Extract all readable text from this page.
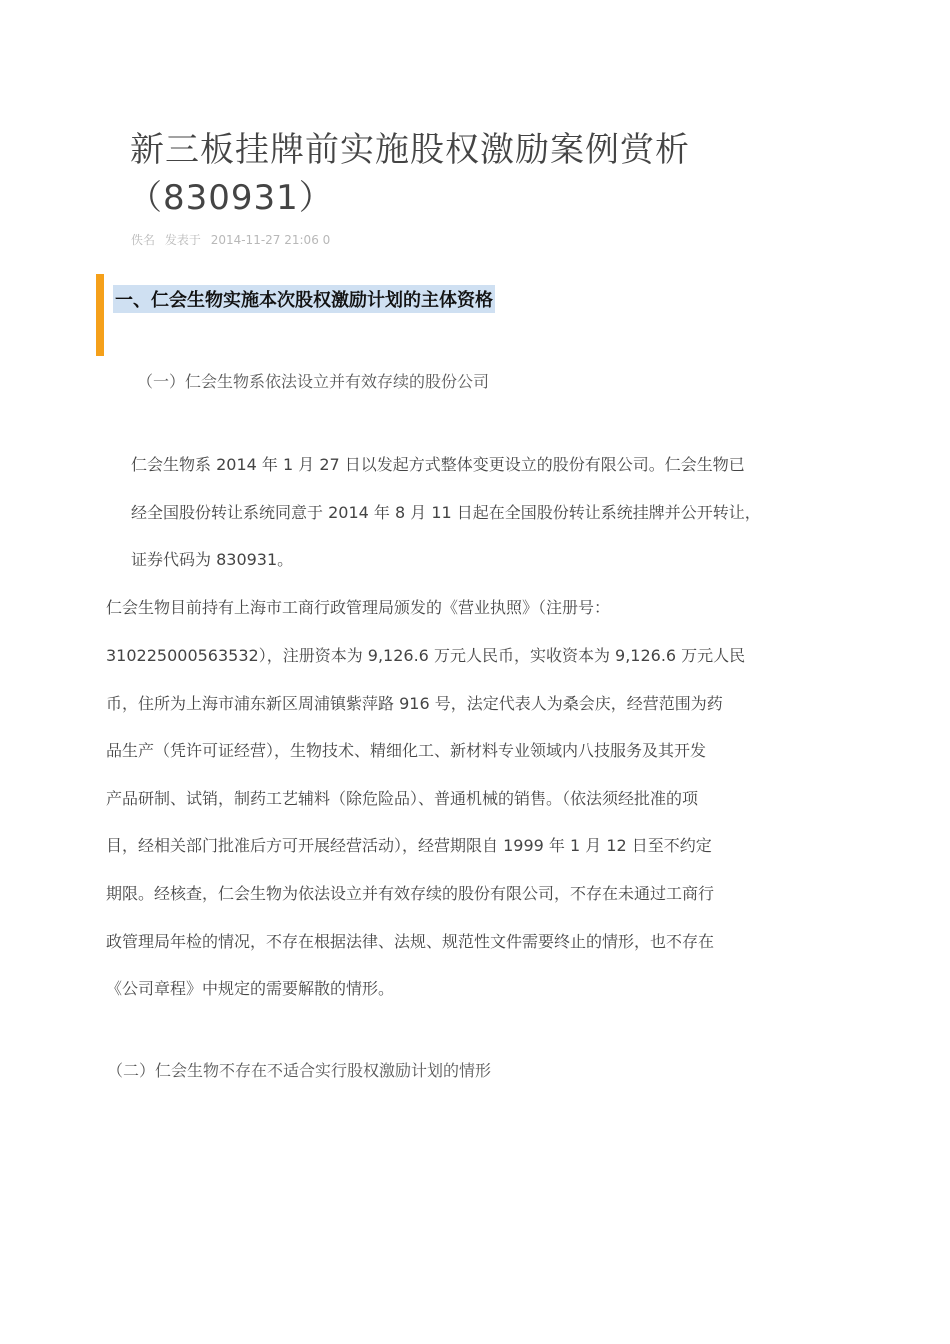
新三板挂牌前实施股权激励案例赏析
（830931）
佚名 发表于 2014-11-27 21:06 0
一、仁会生物实施本次股权激励计划的主体资格
（一）仁会生物系依法设立并有效存续的股份公司
仁会生物系 2014 年 1 月 27 日以发起方式整体变更设立的股份有限公司。仁会生物已
经全国股份转让系统同意于 2014 年 8 月 11 日起在全国股份转让系统挂牌并公开转让，
证券代码为 830931。
仁会生物目前持有上海市工商行政管理局颁发的《营业执照》（注册号：
310225000563532），注册资本为 9,126.6 万元人民币，实收资本为 9,126.6 万元人民
币，住所为上海市浦东新区周浦镇紫萍路 916 号，法定代表人为桑会庆，经营范围为药
品生产（凭许可证经营），生物技术、精细化工、新材料专业领域内八技服务及其开发
产品研制、试销，制药工艺辅料（除危险品）、普通机械的销售。（依法须经批准的项
目，经相关部门批准后方可开展经营活动），经营期限自 1999 年 1 月 12 日至不约定
期限。经核查，仁会生物为依法设立并有效存续的股份有限公司，不存在未通过工商行
政管理局年检的情况，不存在根据法律、法规、规范性文件需要终止的情形，也不存在
《公司章程》中规定的需要解散的情形。
（二）仁会生物不存在不适合实行股权激励计划的情形
